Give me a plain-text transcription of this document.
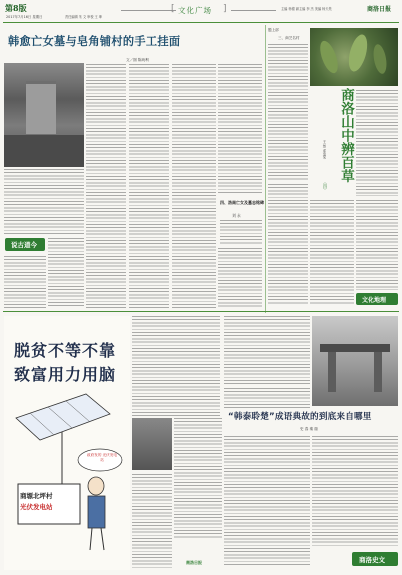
第8版
2017年7月16日 星期日	责任编辑 朱 文 审校 王 坤
[ 文化广场 ]	主编 杨德 副主编 李 杰 美编 杨天昊	商洛日报
韩愈亡女墓与皂角铺村的手工挂面
文／图 陈尚利
说古道今
四、洛南亡女及墓志铭碑
刘 永
题上部
三、商芝名村
商洛山中辨百草
（四）
王 然 邓发荣
文化地理
脱贫不等不靠
致富用力用脑
政府发的 光伏发电站
商塬北坪村
光伏发电站
“韩泰聆楚”成语典故的到底来自哪里
史 春 秦 瑞
商洛日报	商洛史文
